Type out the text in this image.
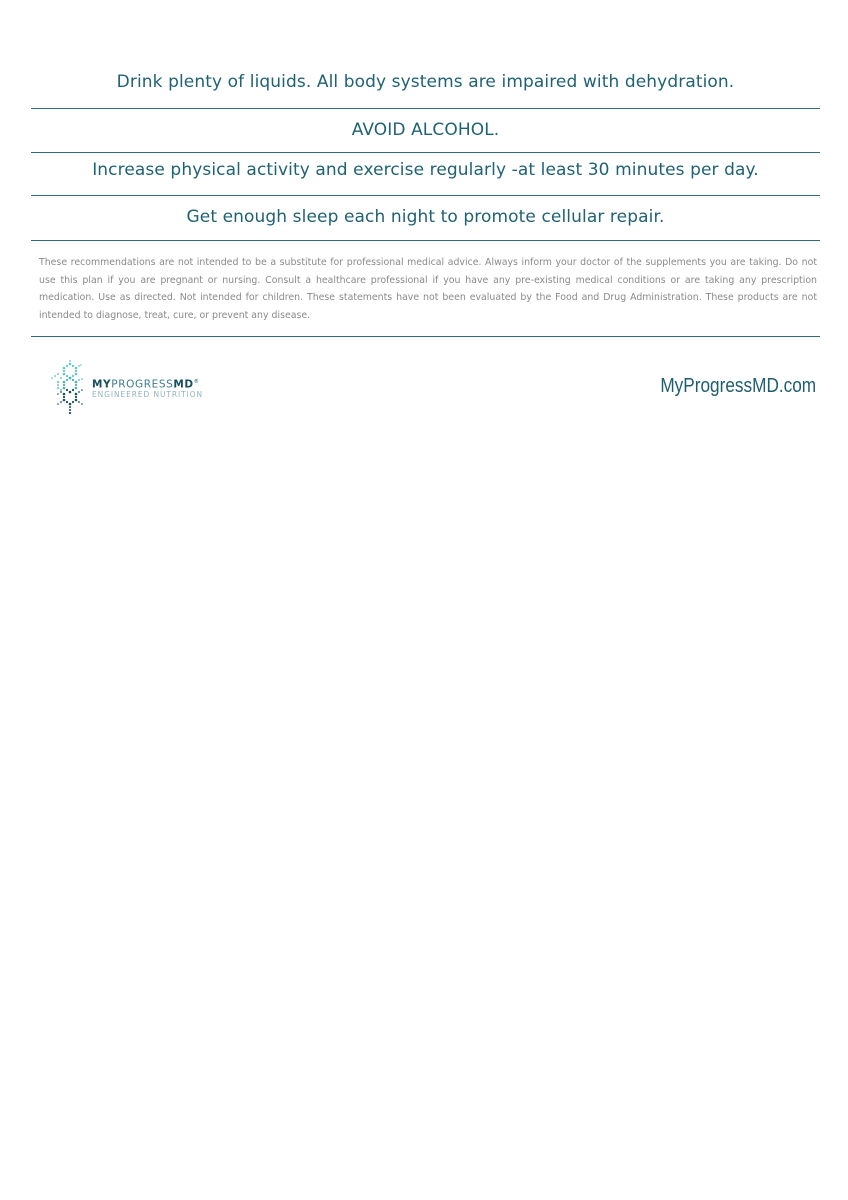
Drink plenty of liquids. All body systems are impaired with dehydration.
AVOID ALCOHOL.
Increase physical activity and exercise regularly -at least 30 minutes per day.
Get enough sleep each night to promote cellular repair.

These recommendations are not intended to be a substitute for professional medical advice. Always inform your doctor of the supplements you are taking. Do not use this plan if you are pregnant or nursing. Consult a healthcare professional if you have any pre-existing medical conditions or are taking any prescription medication. Use as directed. Not intended for children. These statements have not been evaluated by the Food and Drug Administration. These products are not intended to diagnose, treat, cure, or prevent any disease.

MYPROGRESSMD®
ENGINEERED NUTRITION	MyProgressMD.com
